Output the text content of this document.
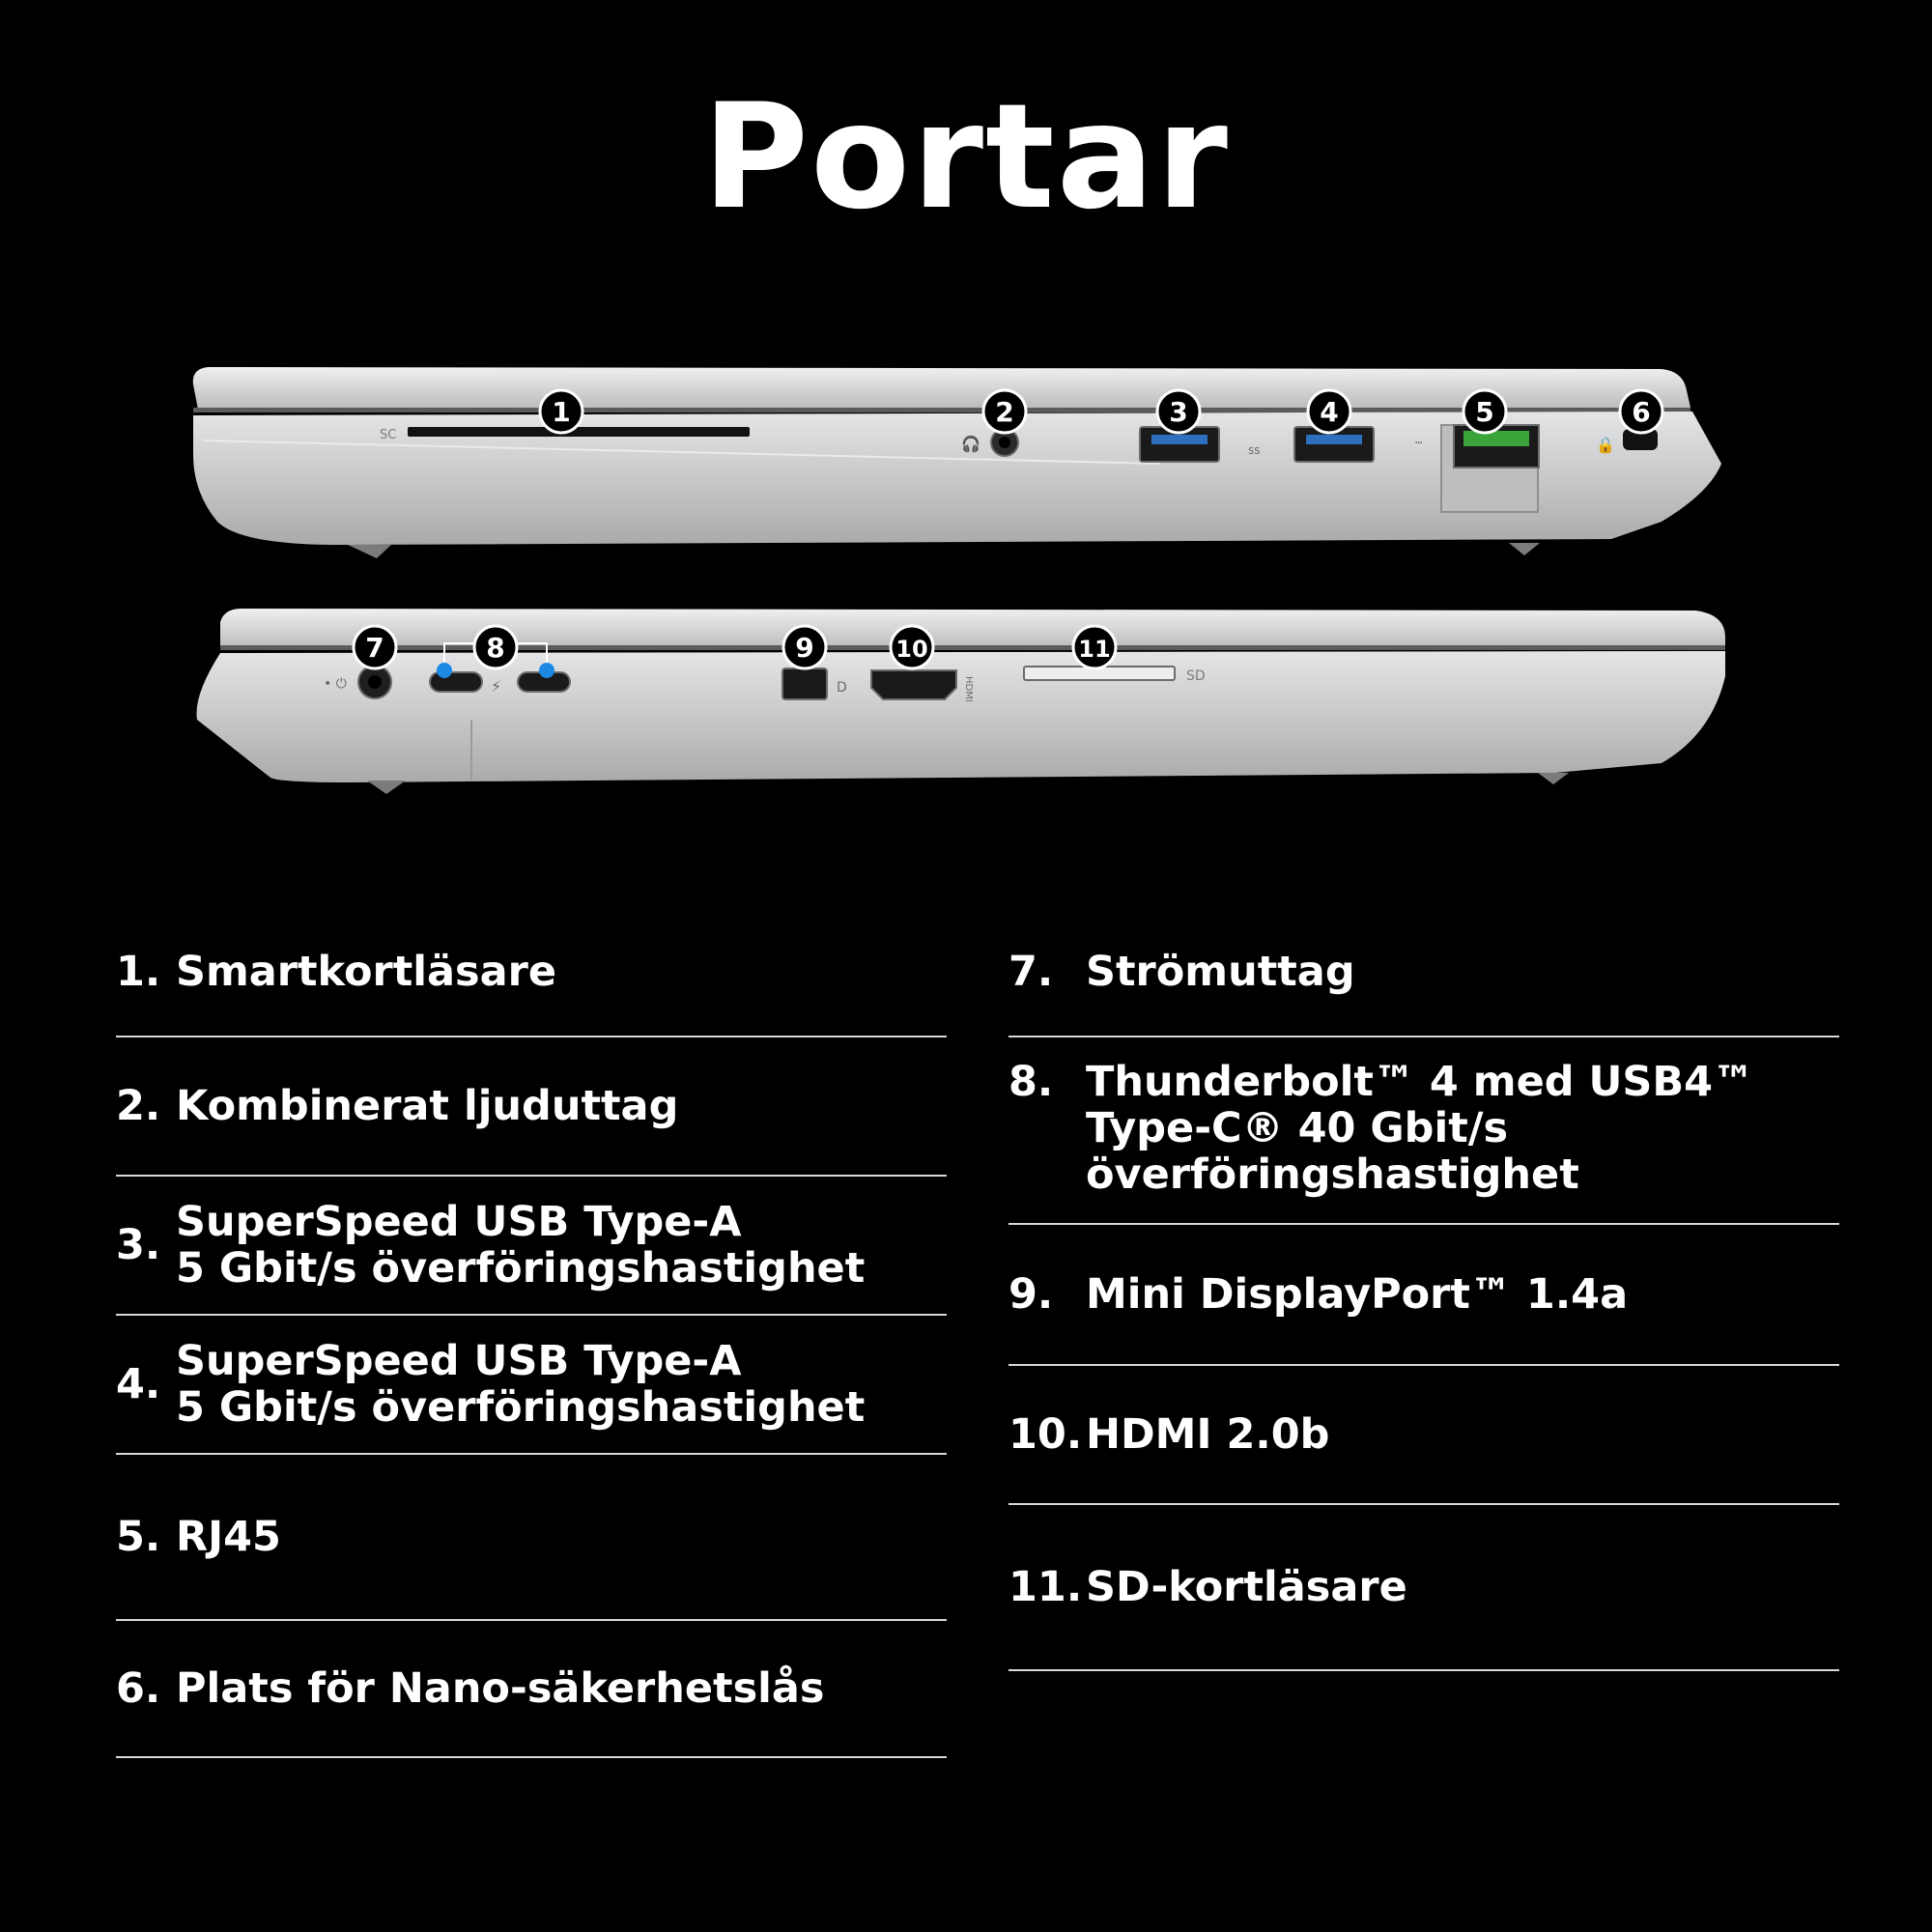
Portar
SC	🎧	ss
⋯	🔒
• ⏻	⚡	D	HDMI	SD
1	2	3	4	5	6
7	8	9	10	11
1. Smartkortläsare
2. Kombinerat ljuduttag
3. SuperSpeed USB Type-A
5 Gbit/s överföringshastighet
4. SuperSpeed USB Type-A
5 Gbit/s överföringshastighet
5. RJ45
6. Plats för Nano-säkerhetslås
7. Strömuttag
8. Thunderbolt™ 4 med USB4™
Type-C® 40 Gbit/s
överföringshastighet
9. Mini DisplayPort™ 1.4a
10. HDMI 2.0b
11. SD-kortläsare
